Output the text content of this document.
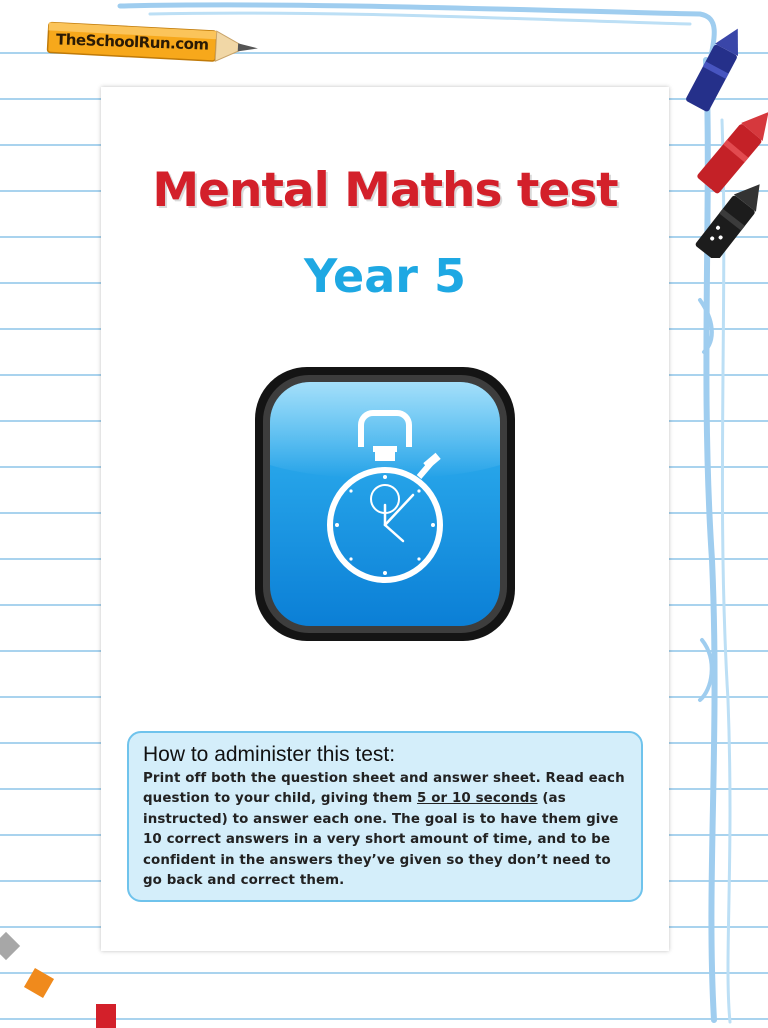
TheSchoolRun.com
Mental Maths test
Year 5

How to administer this test:

Print off both the question sheet and answer sheet. Read each question to your child, giving them 5 or 10 seconds (as instructed) to answer each one. The goal is to have them give 10 correct answers in a very short amount of time, and to be confident in the answers they’ve given so they don’t need to go back and correct them.
